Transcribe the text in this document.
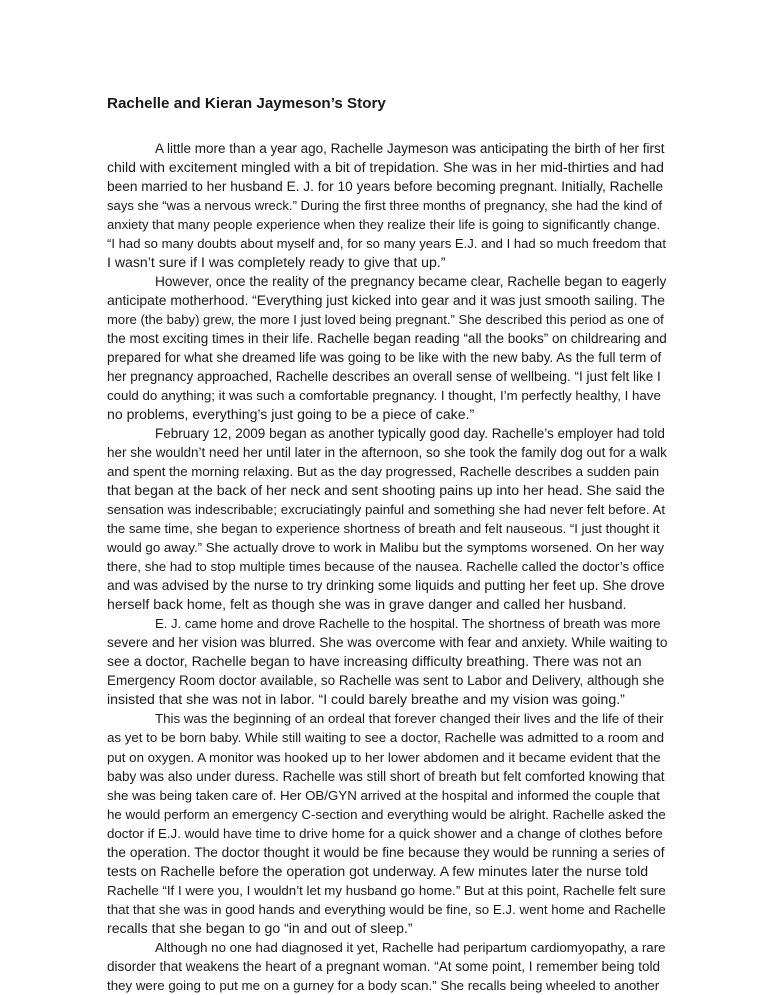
Rachelle and Kieran Jaymeson’s Story

A little more than a year ago, Rachelle Jaymeson was anticipating the birth of her first

child with excitement mingled with a bit of trepidation. She was in her mid-thirties and had

been married to her husband E. J. for 10 years before becoming pregnant. Initially, Rachelle

says she “was a nervous wreck.” During the first three months of pregnancy, she had the kind of

anxiety that many people experience when they realize their life is going to significantly change.

“I had so many doubts about myself and, for so many years E.J. and I had so much freedom that

I wasn’t sure if I was completely ready to give that up.”

However, once the reality of the pregnancy became clear, Rachelle began to eagerly

anticipate motherhood. “Everything just kicked into gear and it was just smooth sailing. The

more (the baby) grew, the more I just loved being pregnant.” She described this period as one of

the most exciting times in their life. Rachelle began reading “all the books” on childrearing and

prepared for what she dreamed life was going to be like with the new baby. As the full term of

her pregnancy approached, Rachelle describes an overall sense of wellbeing. “I just felt like I

could do anything; it was such a comfortable pregnancy. I thought, I’m perfectly healthy, I have

no problems, everything’s just going to be a piece of cake.”

February 12, 2009 began as another typically good day. Rachelle’s employer had told

her she wouldn’t need her until later in the afternoon, so she took the family dog out for a walk

and spent the morning relaxing. But as the day progressed, Rachelle describes a sudden pain

that began at the back of her neck and sent shooting pains up into her head. She said the

sensation was indescribable; excruciatingly painful and something she had never felt before. At

the same time, she began to experience shortness of breath and felt nauseous. “I just thought it

would go away.” She actually drove to work in Malibu but the symptoms worsened. On her way

there, she had to stop multiple times because of the nausea. Rachelle called the doctor’s office

and was advised by the nurse to try drinking some liquids and putting her feet up. She drove

herself back home, felt as though she was in grave danger and called her husband.

E. J. came home and drove Rachelle to the hospital. The shortness of breath was more

severe and her vision was blurred. She was overcome with fear and anxiety. While waiting to

see a doctor, Rachelle began to have increasing difficulty breathing. There was not an

Emergency Room doctor available, so Rachelle was sent to Labor and Delivery, although she

insisted that she was not in labor. “I could barely breathe and my vision was going.”

This was the beginning of an ordeal that forever changed their lives and the life of their

as yet to be born baby. While still waiting to see a doctor, Rachelle was admitted to a room and

put on oxygen. A monitor was hooked up to her lower abdomen and it became evident that the

baby was also under duress. Rachelle was still short of breath but felt comforted knowing that

she was being taken care of. Her OB/GYN arrived at the hospital and informed the couple that

he would perform an emergency C-section and everything would be alright. Rachelle asked the

doctor if E.J. would have time to drive home for a quick shower and a change of clothes before

the operation. The doctor thought it would be fine because they would be running a series of

tests on Rachelle before the operation got underway. A few minutes later the nurse told

Rachelle “If I were you, I wouldn’t let my husband go home.” But at this point, Rachelle felt sure

that that she was in good hands and everything would be fine, so E.J. went home and Rachelle

recalls that she began to go “in and out of sleep.”

Although no one had diagnosed it yet, Rachelle had peripartum cardiomyopathy, a rare

disorder that weakens the heart of a pregnant woman. “At some point, I remember being told

they were going to put me on a gurney for a body scan.” She recalls being wheeled to another
